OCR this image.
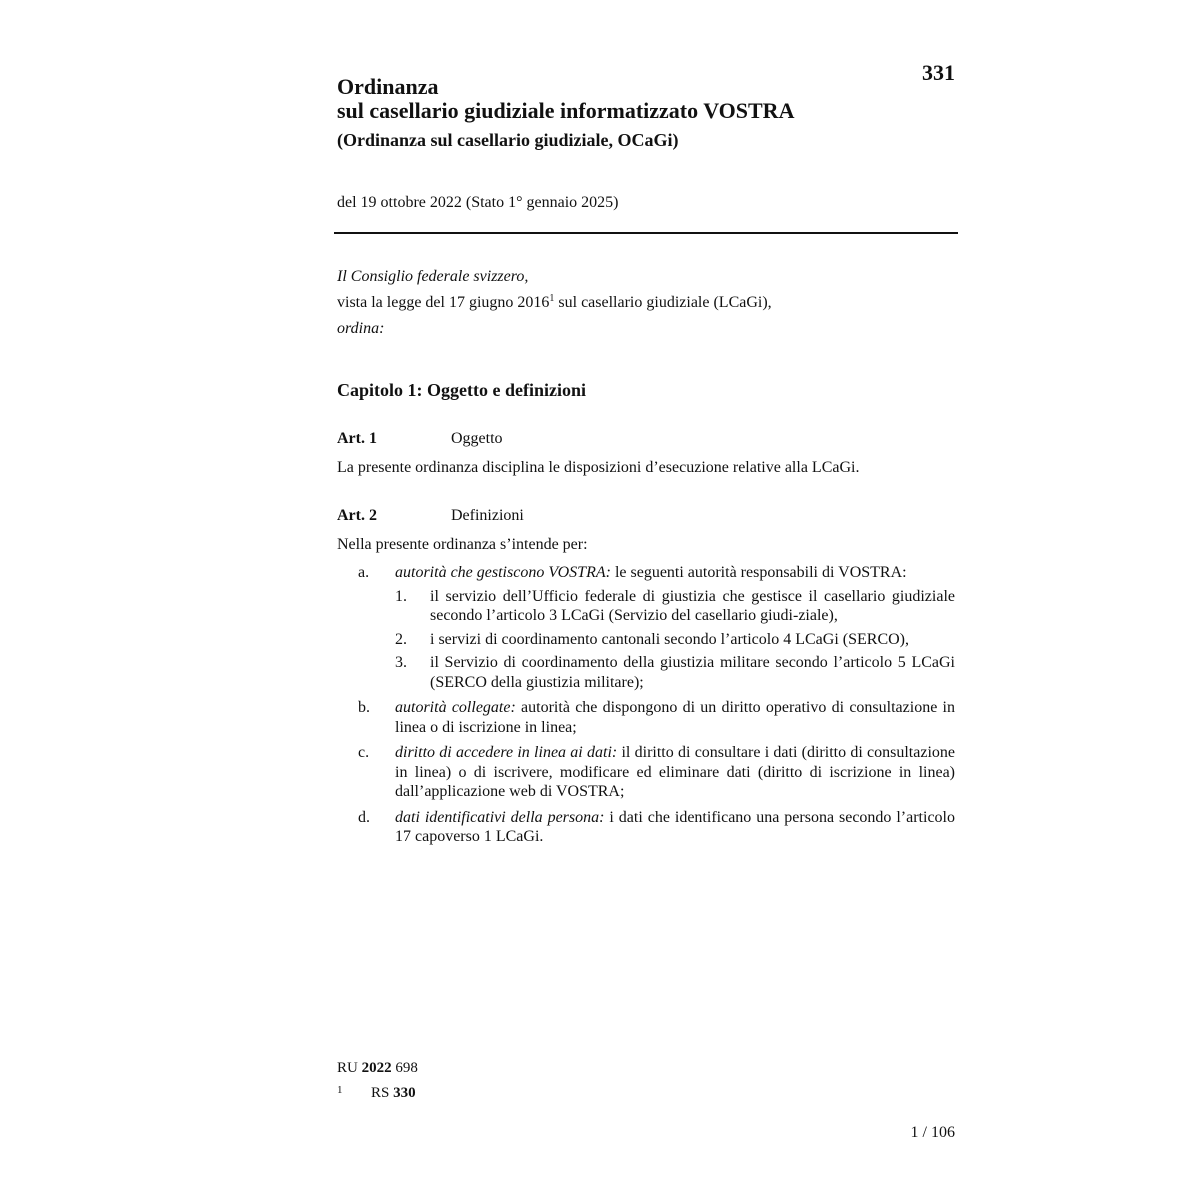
331
Ordinanza
sul casellario giudiziale informatizzato VOSTRA
(Ordinanza sul casellario giudiziale, OCaGi)
del 19 ottobre 2022 (Stato 1° gennaio 2025)
Il Consiglio federale svizzero,
vista la legge del 17 giugno 2016$^1$ sul casellario giudiziale (LCaGi),
ordina:
Capitolo 1: Oggetto e definizioni
Art. 1	Oggetto
La presente ordinanza disciplina le disposizioni d’esecuzione relative alla LCaGi.
Art. 2	Definizioni
Nella presente ordinanza s’intende per:
a. autorità che gestiscono VOSTRA: le seguenti autorità responsabili di VOSTRA:
1. il servizio dell’Ufficio federale di giustizia che gestisce il casellario giudiziale secondo l’articolo 3 LCaGi (Servizio del casellario giudi-ziale),
2. i servizi di coordinamento cantonali secondo l’articolo 4 LCaGi (SERCO),
3. il Servizio di coordinamento della giustizia militare secondo l’articolo 5 LCaGi (SERCO della giustizia militare);
b. autorità collegate: autorità che dispongono di un diritto operativo di consultazione in linea o di iscrizione in linea;
c. diritto di accedere in linea ai dati: il diritto di consultare i dati (diritto di consultazione in linea) o di iscrivere, modificare ed eliminare dati (diritto di iscrizione in linea) dall’applicazione web di VOSTRA;
d. dati identificativi della persona: i dati che identificano una persona secondo l’articolo 17 capoverso 1 LCaGi.
RU 2022 698
1 RS 330
1 / 106
